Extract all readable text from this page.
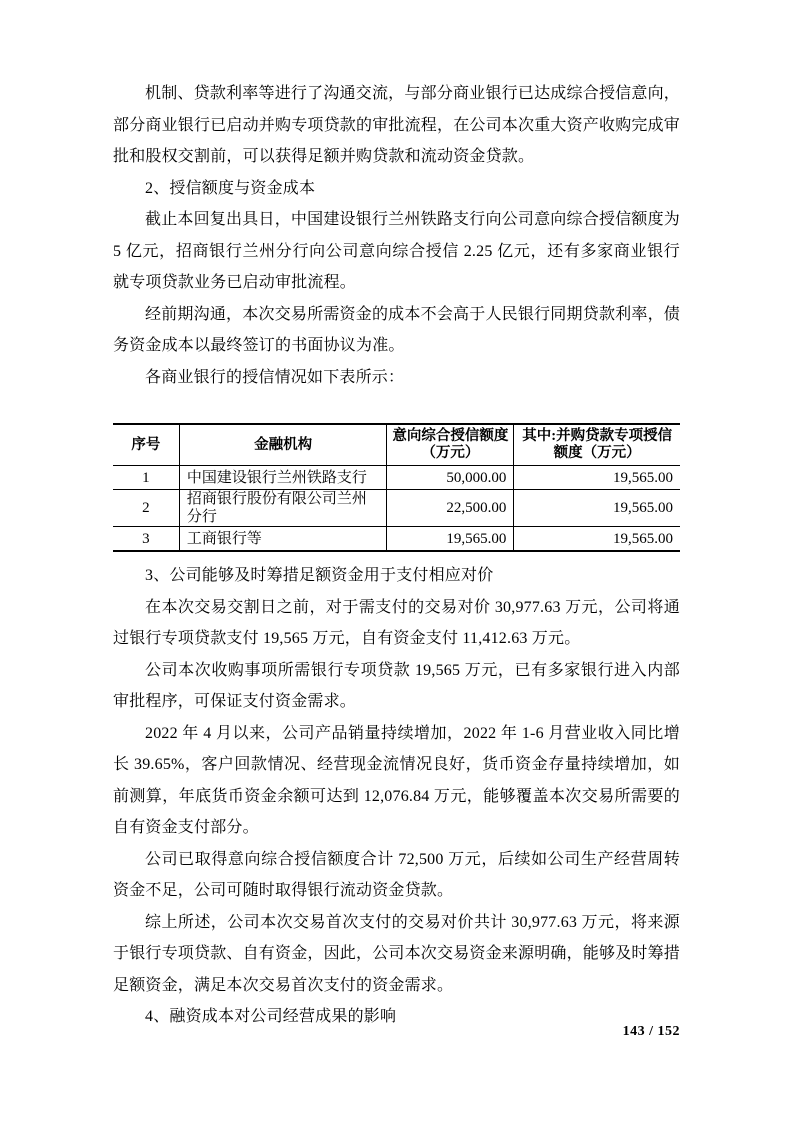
机制、贷款利率等进行了沟通交流，与部分商业银行已达成综合授信意向，部分商业银行已启动并购专项贷款的审批流程，在公司本次重大资产收购完成审批和股权交割前，可以获得足额并购贷款和流动资金贷款。

2、授信额度与资金成本

截止本回复出具日，中国建设银行兰州铁路支行向公司意向综合授信额度为 5 亿元，招商银行兰州分行向公司意向综合授信 2.25 亿元，还有多家商业银行就专项贷款业务已启动审批流程。

经前期沟通，本次交易所需资金的成本不会高于人民银行同期贷款利率，债务资金成本以最终签订的书面协议为准。

各商业银行的授信情况如下表所示：

序号	金融机构	意向综合授信额度（万元）	其中:并购贷款专项授信额度（万元）
1	中国建设银行兰州铁路支行	50,000.00	19,565.00
2	招商银行股份有限公司兰州分行	22,500.00	19,565.00
3	工商银行等	19,565.00	19,565.00

3、公司能够及时筹措足额资金用于支付相应对价

在本次交易交割日之前，对于需支付的交易对价 30,977.63 万元，公司将通过银行专项贷款支付 19,565 万元，自有资金支付 11,412.63 万元。

公司本次收购事项所需银行专项贷款 19,565 万元，已有多家银行进入内部审批程序，可保证支付资金需求。

2022 年 4 月以来，公司产品销量持续增加，2022 年 1-6 月营业收入同比增长 39.65%，客户回款情况、经营现金流情况良好，货币资金存量持续增加，如前测算，年底货币资金余额可达到 12,076.84 万元，能够覆盖本次交易所需要的自有资金支付部分。

公司已取得意向综合授信额度合计 72,500 万元，后续如公司生产经营周转资金不足，公司可随时取得银行流动资金贷款。

综上所述，公司本次交易首次支付的交易对价共计 30,977.63 万元，将来源于银行专项贷款、自有资金，因此，公司本次交易资金来源明确，能够及时筹措足额资金，满足本次交易首次支付的资金需求。

4、融资成本对公司经营成果的影响

143 / 152
